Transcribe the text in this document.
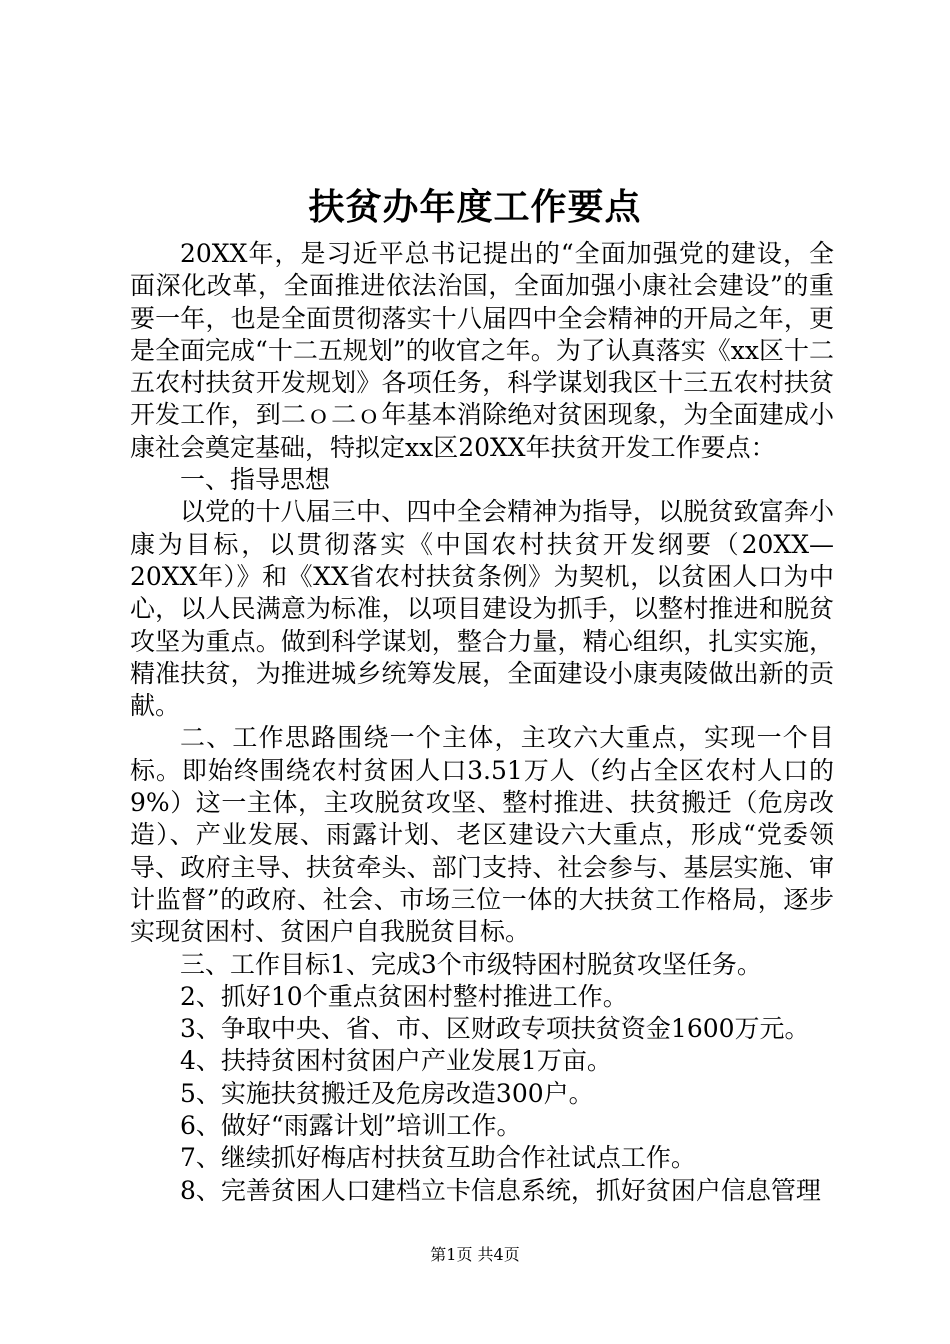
扶贫办年度工作要点

20XX年，是习近平总书记提出的“全面加强党的建设，全面深化改革，全面推进依法治国，全面加强小康社会建设”的重要一年，也是全面贯彻落实十八届四中全会精神的开局之年，更是全面完成“十二五规划”的收官之年。为了认真落实《xx区十二五农村扶贫开发规划》各项任务，科学谋划我区十三五农村扶贫开发工作，到二ｏ二ｏ年基本消除绝对贫困现象，为全面建成小康社会奠定基础，特拟定xx区20XX年扶贫开发工作要点：

一、指导思想

以党的十八届三中、四中全会精神为指导，以脱贫致富奔小康为目标，以贯彻落实《中国农村扶贫开发纲要（20XX—20XX年）》和《XX省农村扶贫条例》为契机，以贫困人口为中心，以人民满意为标准，以项目建设为抓手，以整村推进和脱贫攻坚为重点。做到科学谋划，整合力量，精心组织，扎实实施，精准扶贫，为推进城乡统筹发展，全面建设小康夷陵做出新的贡献。

二、工作思路围绕一个主体，主攻六大重点，实现一个目标。即始终围绕农村贫困人口3.51万人（约占全区农村人口的9%）这一主体，主攻脱贫攻坚、整村推进、扶贫搬迁（危房改造）、产业发展、雨露计划、老区建设六大重点，形成“党委领导、政府主导、扶贫牵头、部门支持、社会参与、基层实施、审计监督”的政府、社会、市场三位一体的大扶贫工作格局，逐步实现贫困村、贫困户自我脱贫目标。

三、工作目标1、完成3个市级特困村脱贫攻坚任务。

2、抓好10个重点贫困村整村推进工作。

3、争取中央、省、市、区财政专项扶贫资金1600万元。

4、扶持贫困村贫困户产业发展1万亩。

5、实施扶贫搬迁及危房改造300户。

6、做好“雨露计划”培训工作。

7、继续抓好梅店村扶贫互助合作社试点工作。

8、完善贫困人口建档立卡信息系统，抓好贫困户信息管理

第1页 共4页
